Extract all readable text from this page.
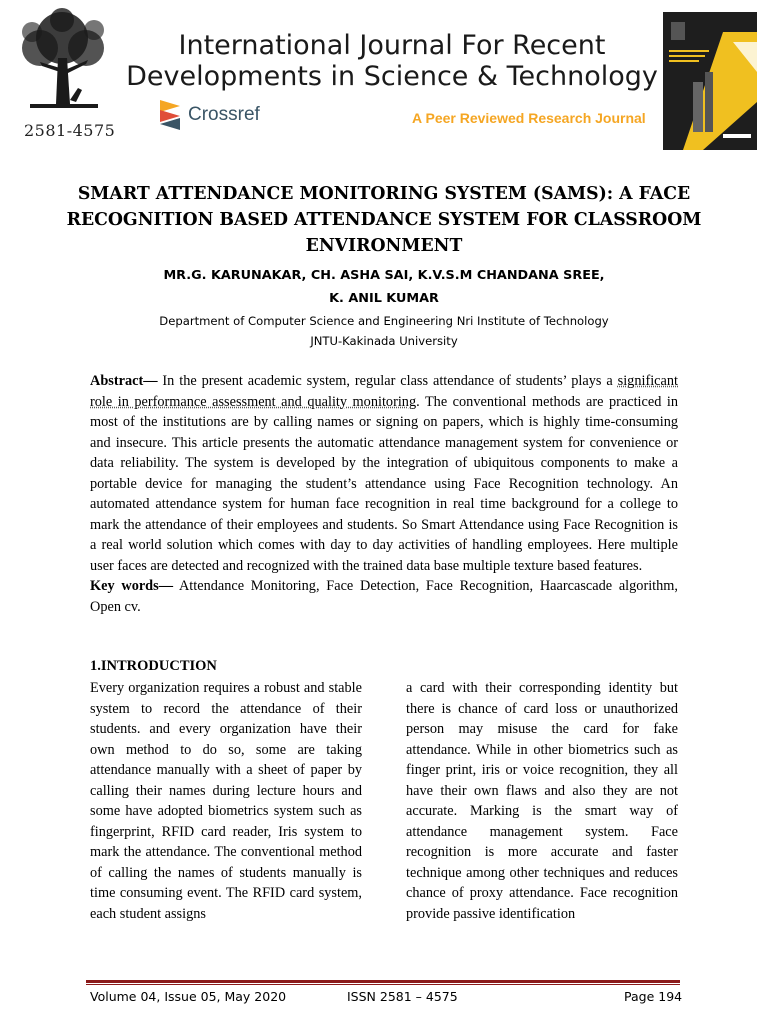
2581-4575
International Journal For Recent
Developments in Science & Technology
Crossref	A Peer Reviewed Research Journal
SMART ATTENDANCE MONITORING SYSTEM (SAMS): A FACE
RECOGNITION BASED ATTENDANCE SYSTEM FOR CLASSROOM
ENVIRONMENT
MR.G. KARUNAKAR, CH. ASHA SAI, K.V.S.M CHANDANA SREE,
K. ANIL KUMAR
Department of Computer Science and Engineering Nri Institute of Technology
JNTU-Kakinada University
Abstract— In the present academic system, regular class attendance of students’ plays a significant role in performance assessment and quality monitoring. The conventional methods are practiced in most of the institutions are by calling names or signing on papers, which is highly time-consuming and insecure. This article presents the automatic attendance management system for convenience or data reliability. The system is developed by the integration of ubiquitous components to make a portable device for managing the student’s attendance using Face Recognition technology. An automated attendance system for human face recognition in real time background for a college to mark the attendance of their employees and students. So Smart Attendance using Face Recognition is a real world solution which comes with day to day activities of handling employees. Here multiple user faces are detected and recognized with the trained data base multiple texture based features.
Key words— Attendance Monitoring, Face Detection, Face Recognition, Haarcascade algorithm, Open cv.
1.INTRODUCTION
Every organization requires a robust and stable system to record the attendance of their students. and every organization have their own method to do so, some are taking attendance manually with a sheet of paper by calling their names during lecture hours and some have adopted biometrics system such as fingerprint, RFID card reader, Iris system to mark the attendance. The conventional method of calling the names of students manually is time consuming event. The RFID card system, each student assigns
a card with their corresponding identity but there is chance of card loss or unauthorized person may misuse the card for fake attendance. While in other biometrics such as finger print, iris or voice recognition, they all have their own flaws and also they are not accurate. Marking is the smart way of attendance management system. Face recognition is more accurate and faster technique among other techniques and reduces chance of proxy attendance. Face recognition provide passive identification
Volume 04, Issue 05, May 2020	ISSN 2581 – 4575	Page 194
